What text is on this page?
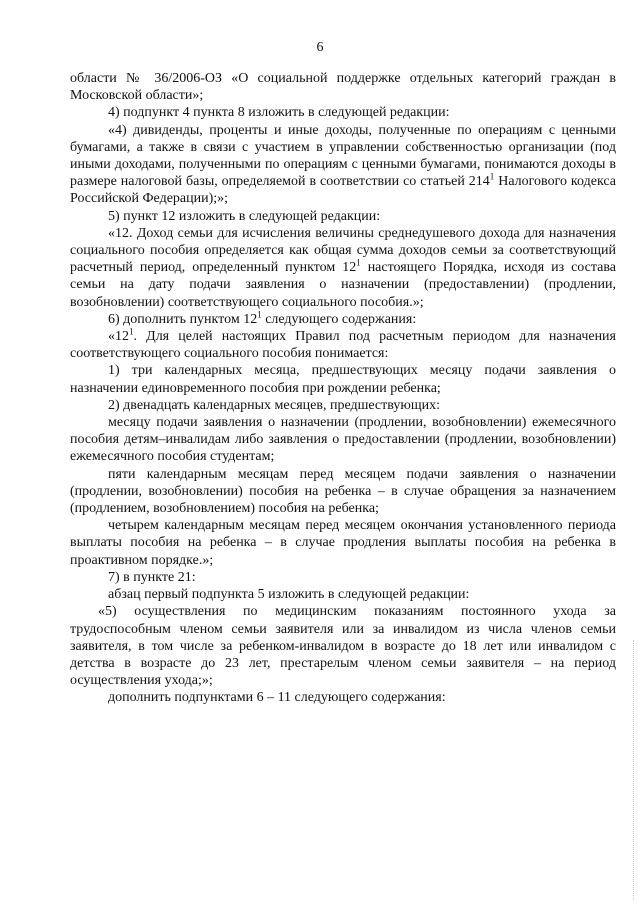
6

области № 36/2006-ОЗ «О социальной поддержке отдельных категорий граждан в Московской области»;

4) подпункт 4 пункта 8 изложить в следующей редакции:

«4) дивиденды, проценты и иные доходы, полученные по операциям с ценными бумагами, а также в связи с участием в управлении собственностью организации (под иными доходами, полученными по операциям с ценными бумагами, понимаются доходы в размере налоговой базы, определяемой в соответствии со статьей $214^1$ Налогового кодекса Российской Федерации);»;

5) пункт 12 изложить в следующей редакции:

«12. Доход семьи для исчисления величины среднедушевого дохода для назначения социального пособия определяется как общая сумма доходов семьи за соответствующий расчетный период, определенный пунктом $12^1$ настоящего Порядка, исходя из состава семьи на дату подачи заявления о назначении (предоставлении) (продлении, возобновлении) соответствующего социального пособия.»;

6) дополнить пунктом $12^1$ следующего содержания:

«$12^1$. Для целей настоящих Правил под расчетным периодом для назначения соответствующего социального пособия понимается:

1) три календарных месяца, предшествующих месяцу подачи заявления о назначении единовременного пособия при рождении ребенка;

2) двенадцать календарных месяцев, предшествующих:

месяцу подачи заявления о назначении (продлении, возобновлении) ежемесячного пособия детям–инвалидам либо заявления о предоставлении (продлении, возобновлении) ежемесячного пособия студентам;

пяти календарным месяцам перед месяцем подачи заявления о назначении (продлении, возобновлении) пособия на ребенка – в случае обращения за назначением (продлением, возобновлением) пособия на ребенка;

четырем календарным месяцам перед месяцем окончания установленного периода выплаты пособия на ребенка – в случае продления выплаты пособия на ребенка в проактивном порядке.»;

7) в пункте 21:

абзац первый подпункта 5 изложить в следующей редакции:

«5) осуществления по медицинским показаниям постоянного ухода за трудоспособным членом семьи заявителя или за инвалидом из числа членов семьи заявителя, в том числе за ребенком-инвалидом в возрасте до 18 лет или инвалидом с детства в возрасте до 23 лет, престарелым членом семьи заявителя – на период осуществления ухода;»;

дополнить подпунктами 6 – 11 следующего содержания:
